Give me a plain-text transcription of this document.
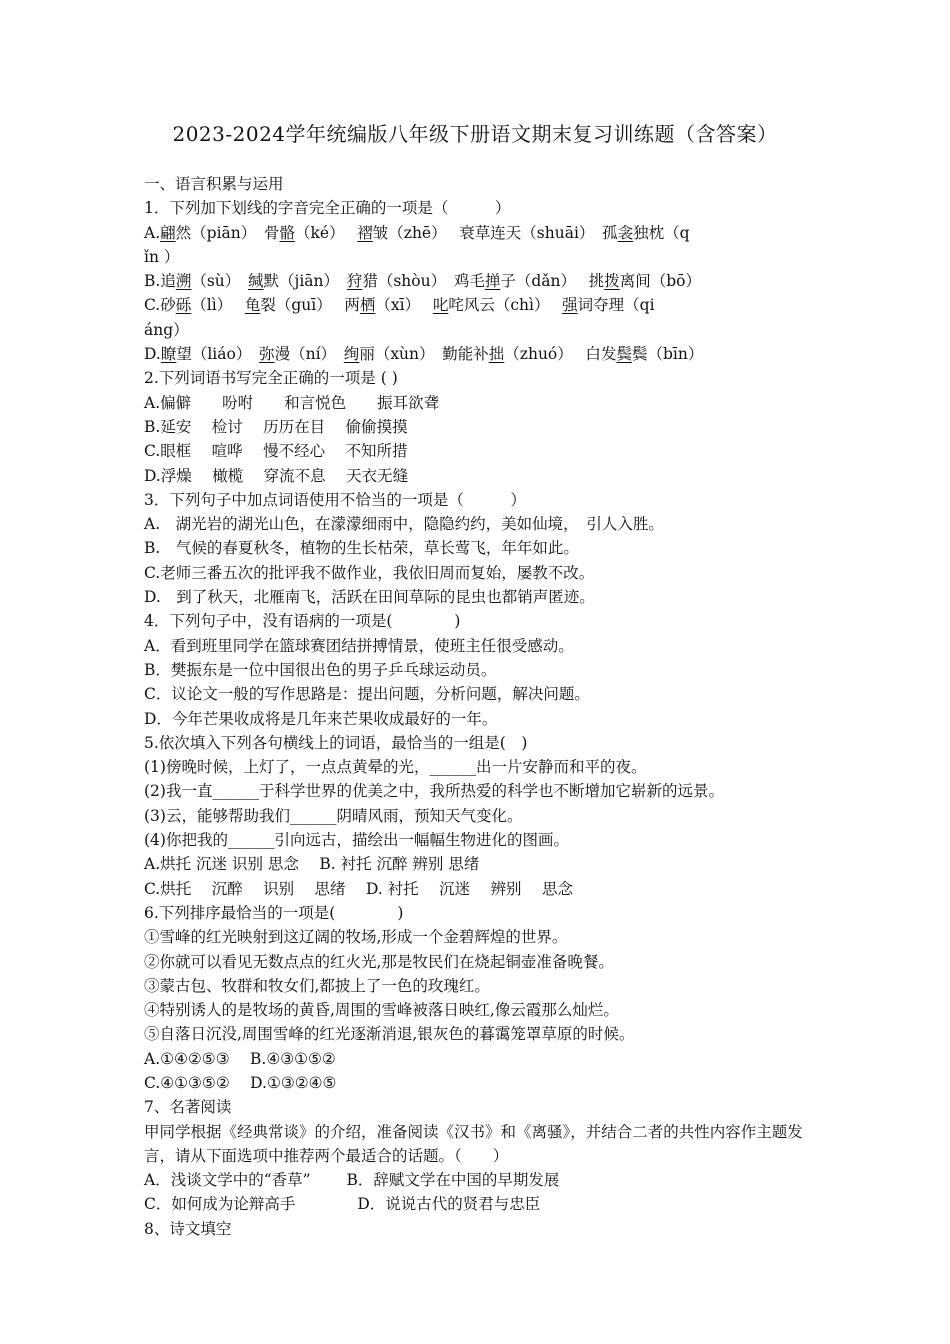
2023-2024学年统编版八年级下册语文期末复习训练题（含答案）
一、语言积累与运用
1．下列加下划线的字音完全正确的一项是（　　　）
A.翩然（piān）　骨骼（ké）　 褶皱（zhē）　 衰草连天（shuāi）　孤衾独枕（q
ǐn ）
B.追溯（sù）　缄默（jiān）　狩猎（shòu）　鸡毛掸子（dǎn）　 挑拨离间（bō）
C.砂砾（lì）　 龟裂（guī）　 两栖（xī）　 叱咤风云（chì）　 强词夺理（qi
áng）
D.瞭望（liáo）　弥漫（ní）　绚丽（xùn）　勤能补拙（zhuó）　 白发鬓鬓（bīn）
2.下列词语书写完全正确的一项是 ( )
A.偏僻　　吩咐　　和言悦色　　振耳欲聋
B.延安　 检讨　 历历在目　 偷偷摸摸
C.眼框　 喧哗　 慢不经心　 不知所措
D.浮燥　 橄榄　 穿流不息　 天衣无缝
3．下列句子中加点词语使用不恰当的一项是（　　　）
A.　湖光岩的湖光山色，在濛濛细雨中，隐隐约约，美如仙境，　引人入胜。
B.　气候的春夏秋冬，植物的生长枯荣，草长莺飞，年年如此。
C.老师三番五次的批评我不做作业，我依旧周而复始，屡教不改。
D.　到了秋天，北雁南飞，活跃在田间草际的昆虫也都销声匿迹。
4．下列句子中，没有语病的一项是(　　　　)
A．看到班里同学在篮球赛团结拼搏情景，使班主任很受感动。
B．樊振东是一位中国很出色的男子乒乓球运动员。
C．议论文一般的写作思路是：提出问题，分析问题，解决问题。
D．今年芒果收成将是几年来芒果收成最好的一年。
5.依次填入下列各句横线上的词语，最恰当的一组是(　)
(1)傍晚时候，上灯了，一点点黄晕的光，______出一片安静而和平的夜。
(2)我一直______于科学世界的优美之中，我所热爱的科学也不断增加它崭新的远景。
(3)云，能够帮助我们______阴晴风雨，预知天气变化。
(4)你把我的______引向远古，描绘出一幅幅生物进化的图画。
A.烘托 沉迷 识别 思念　 B. 衬托 沉醉 辨别 思绪
C.烘托　 沉醉　 识别　 思绪　 D. 衬托　 沉迷　 辨别　 思念
6.下列排序最恰当的一项是(　　　　)
①雪峰的红光映射到这辽阔的牧场,形成一个金碧辉煌的世界。
②你就可以看见无数点点的红火光,那是牧民们在烧起铜壶准备晚餐。
③蒙古包、牧群和牧女们,都披上了一色的玫瑰红。
④特别诱人的是牧场的黄昏,周围的雪峰被落日映红,像云霞那么灿烂。
⑤自落日沉没,周围雪峰的红光逐渐消退,银灰色的暮霭笼罩草原的时候。
A.①④②⑤③　 B.④③①⑤②
C.④①③⑤②　 D.①③②④⑤
7、名著阅读
甲同学根据《经典常谈》的介绍，准备阅读《汉书》和《离骚》，并结合二者的共性内容作主题发言，请从下面选项中推荐两个最适合的话题。（　　）
A．浅谈文学中的“香草”　　 B．辞赋文学在中国的早期发展
C．如何成为论辩高手　　　　D．说说古代的贤君与忠臣
8、诗文填空
